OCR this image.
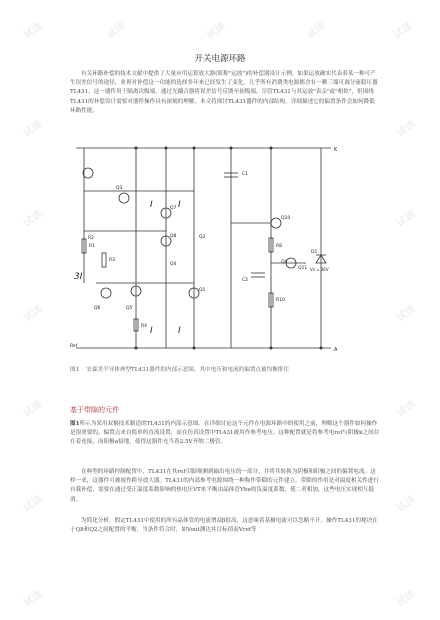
试读	试读	试读	试读	试读
试读	试读
试读	试读
试读	试读
试读	试读
试读	试读
试读	试读
开关电源环路
有关环路补偿的技术文献中提供了大量应用运算放大器(简称"运放")的补偿器设计示例。如果运放确实代表着某一种可产生误差信号的途径，业界对补偿这一功能的选择多年来已经发生了变化。几乎所有消费类电源都含有一颗三端可调分流稳压器TL431，这一器件用于隔离次级端，通过光耦合器将误差信号反馈至初级端。尽管TL431与其运放"表亲"或"相似"，但围绕TL431的补偿设计需要对器件操作具有深刻的理解。本文将探讨TL431器件的内部结构，详细描述它的偏置条件会如何降低环路性能。
Q3
Q7
Q8
Q4
Q6	Q5
Q1
Q2
Q9
Q10
Q11
R1
R2
R3
R4
R8
R10
C1
C2
D1
Vz = 36V
K
A
Ref
I	I
I	I
3I
图1 安森美半导体典型TL431器件的内部示意图，其中电压和电流的偏置点被均衡排往
基于带隙的元件
图1所示为采用双极技术制造的TL431的内部示意图。在详细讨论这个元件在电源环路中的使用之前，理解这个器件如何操作是很重要的，偏置点来自简单的直流设置，而在仿真设置中TL431被用作参考电压。这种配置就是将参考电ref与阴极k之间存在着连接，而阳极a接地，使得这器件充当着2.5V齐纳二极管。
在典型的环路控制配置中，TL431在其ref引脚观测到输出电压的一部分，并将其转换为阴极和阳极之间的偏置电流。这样一来，这器件可被视作跨导放大器。TL431的内部参考电源围绕一种称作带隙的元件建立。带隙的作用是对温度相关性进行自我补偿，需要在通过受正温度系数影响的热电压VT来平衡由晶体管Vbe的负温度系数，使二者相加，这些电压实现相互抵消。
为简化分析，假定TL431中使用的所有晶体管的电流增益β很高，这意味着基极电流可以忽略不计。操作TL431的秘诀在于Q8和Q2之间配置的平衡，当条件符合时，如Vout测达其目标值而Vref等
